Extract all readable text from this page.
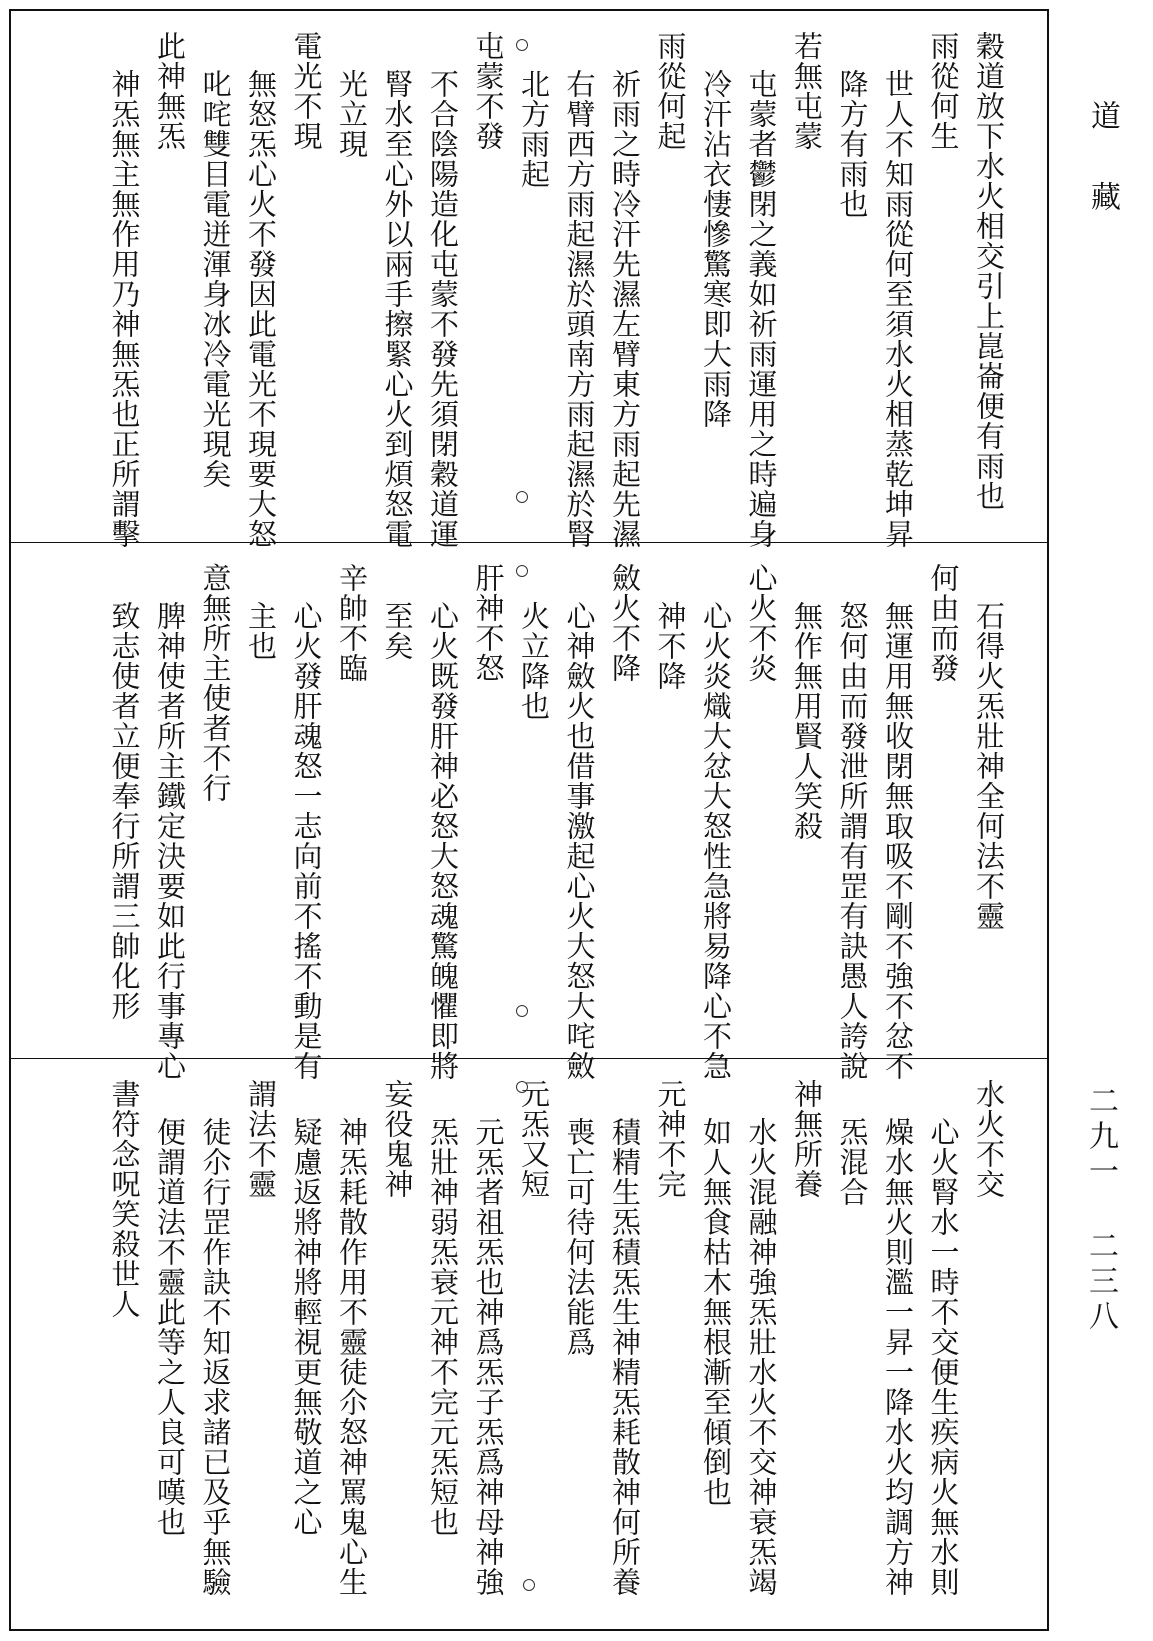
穀道放下水火相交引上崑崙便有雨也
雨從何生
世人不知雨從何至須水火相蒸乾坤昇
降方有雨也
若無屯蒙
屯蒙者鬱閉之義如祈雨運用之時遍身
冷汗沾衣悽慘驚寒即大雨降
雨從何起
祈雨之時冷汗先濕左臂東方雨起先濕
右臂西方雨起濕於頭南方雨起濕於腎
北方雨起
屯蒙不發
不合陰陽造化屯蒙不發先須閉穀道運
腎水至心外以兩手擦緊心火到煩怒電
光立現
電光不現
無怒炁心火不發因此電光不現要大怒
叱咤雙目電迸渾身冰冷電光現矣
此神無炁
神炁無主無作用乃神無炁也正所謂擊
石得火炁壯神全何法不靈
何由而發
無運用無收閉無取吸不剛不強不忿不
怒何由而發泄所謂有罡有訣愚人誇說
無作無用賢人笑殺
心火不炎
心火炎熾大忿大怒性急將易降心不急
神不降
斂火不降
心神斂火也借事激起心火大怒大咤斂
火立降也
肝神不怒
心火既發肝神必怒大怒魂驚魄懼即將
至矣
辛帥不臨
心火發肝魂怒一志向前不搖不動是有
主也
意無所主使者不行
脾神使者所主鐵定決要如此行事專心
致志使者立便奉行所謂三帥化形
水火不交
心火腎水一時不交便生疾病火無水則
燥水無火則濫一昇一降水火均調方神
炁混合
神無所養
水火混融神強炁壯水火不交神衰炁竭
如人無食枯木無根漸至傾倒也
元神不完
積精生炁積炁生神精炁耗散神何所養
喪亡可待何法能爲
元炁又短
元炁者祖炁也神爲炁子炁爲神母神強
炁壯神弱炁衰元神不完元炁短也
妄役鬼神
神炁耗散作用不靈徒尒怒神罵鬼心生
疑慮返將神將輕視更無敬道之心
謂法不靈
徒尒行罡作訣不知返求諸已及乎無驗
便謂道法不靈此等之人良可嘆也
書符念呪笑殺世人
道 藏
二九一 二三八
